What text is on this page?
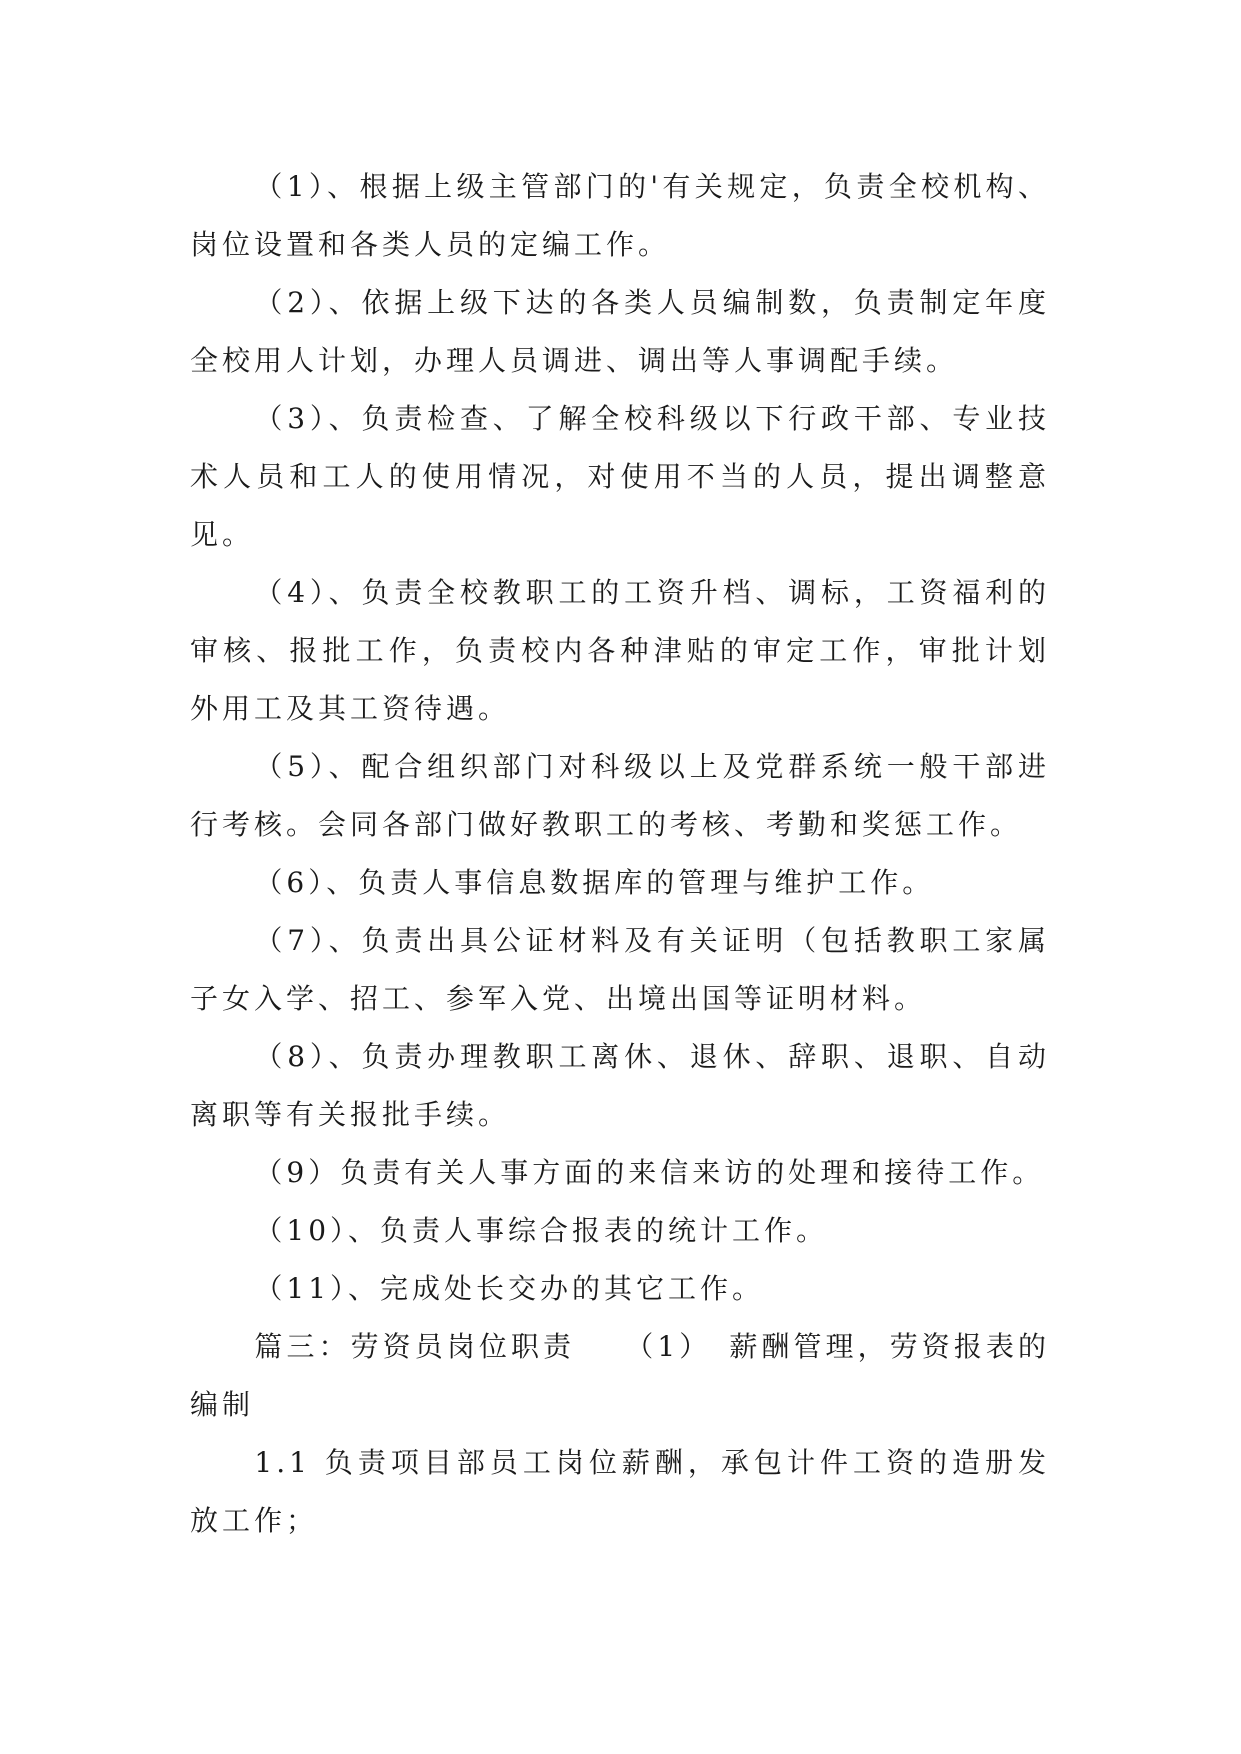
（1）、根据上级主管部门的'有关规定，负责全校机构、岗位设置和各类人员的定编工作。

（2）、依据上级下达的各类人员编制数，负责制定年度全校用人计划，办理人员调进、调出等人事调配手续。

（3）、负责检查、了解全校科级以下行政干部、专业技术人员和工人的使用情况，对使用不当的人员，提出调整意见。

（4）、负责全校教职工的工资升档、调标，工资福利的审核、报批工作，负责校内各种津贴的审定工作，审批计划外用工及其工资待遇。

（5）、配合组织部门对科级以上及党群系统一般干部进行考核。会同各部门做好教职工的考核、考勤和奖惩工作。

（6）、负责人事信息数据库的管理与维护工作。

（7）、负责出具公证材料及有关证明（包括教职工家属子女入学、招工、参军入党、出境出国等证明材料。

（8）、负责办理教职工离休、退休、辞职、退职、自动离职等有关报批手续。

（9）负责有关人事方面的来信来访的处理和接待工作。

（10）、负责人事综合报表的统计工作。

（11）、完成处长交办的其它工作。

篇三：劳资员岗位职责　　（1）　薪酬管理，劳资报表的编制

1.1 负责项目部员工岗位薪酬，承包计件工资的造册发放工作；
